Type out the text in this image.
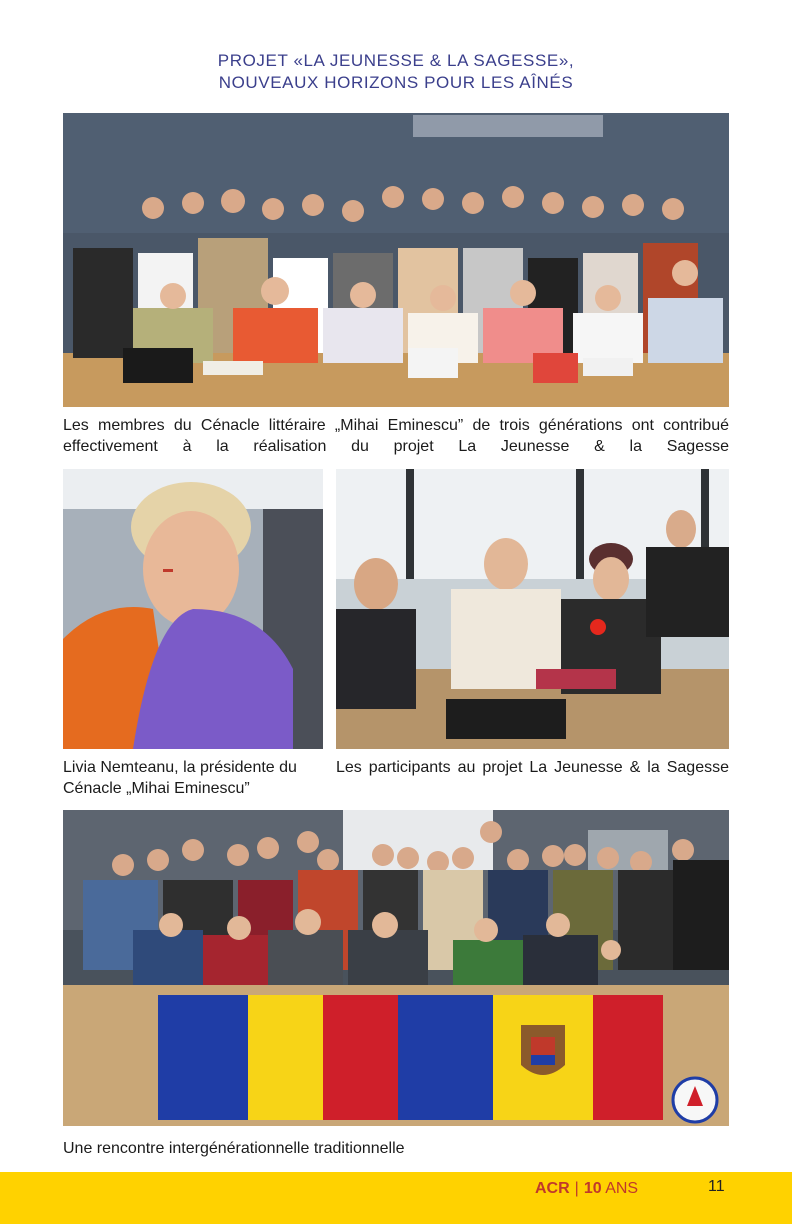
PROJET «LA JEUNESSE & LA SAGESSE»,
NOUVEAUX HORIZONS POUR LES AÎNÉS
Les membres du Cénacle littéraire „Mihai Eminescu” de trois générations ont contribué effectivement à la réalisation du projet La Jeunesse & la Sagesse
Livia Nemteanu, la présidente du Cénacle „Mihai Eminescu”
Les participants au projet La Jeunesse & la Sagesse
Une rencontre intergénérationnelle traditionnelle
ACR | 10 ANS	11
